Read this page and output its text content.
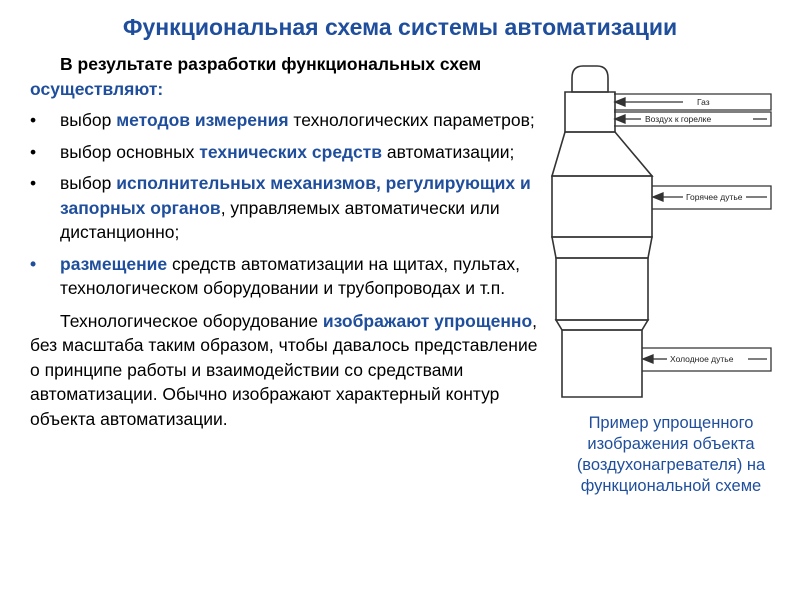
Функциональная схема системы автоматизации

В результате разработки функциональных схем осуществляют:

• выбор методов измерения технологических параметров;
• выбор основных технических средств автоматизации;
• выбор исполнительных механизмов, регулирующих и запорных органов, управляемых автоматически или дистанционно;
• размещение средств автоматизации на щитах, пультах, технологическом оборудовании и трубопроводах и т.п.

Технологическое оборудование изображают упрощенно, без масштаба таким образом, чтобы давалось представление о принципе работы и взаимодействии со средствами автоматизации. Обычно изображают характерный контур объекта автоматизации.

Газ
Воздух к горелке
Горячее дутье
Холодное дутье
Пример упрощенного изображения объекта (воздухонагревателя) на функциональной схеме
